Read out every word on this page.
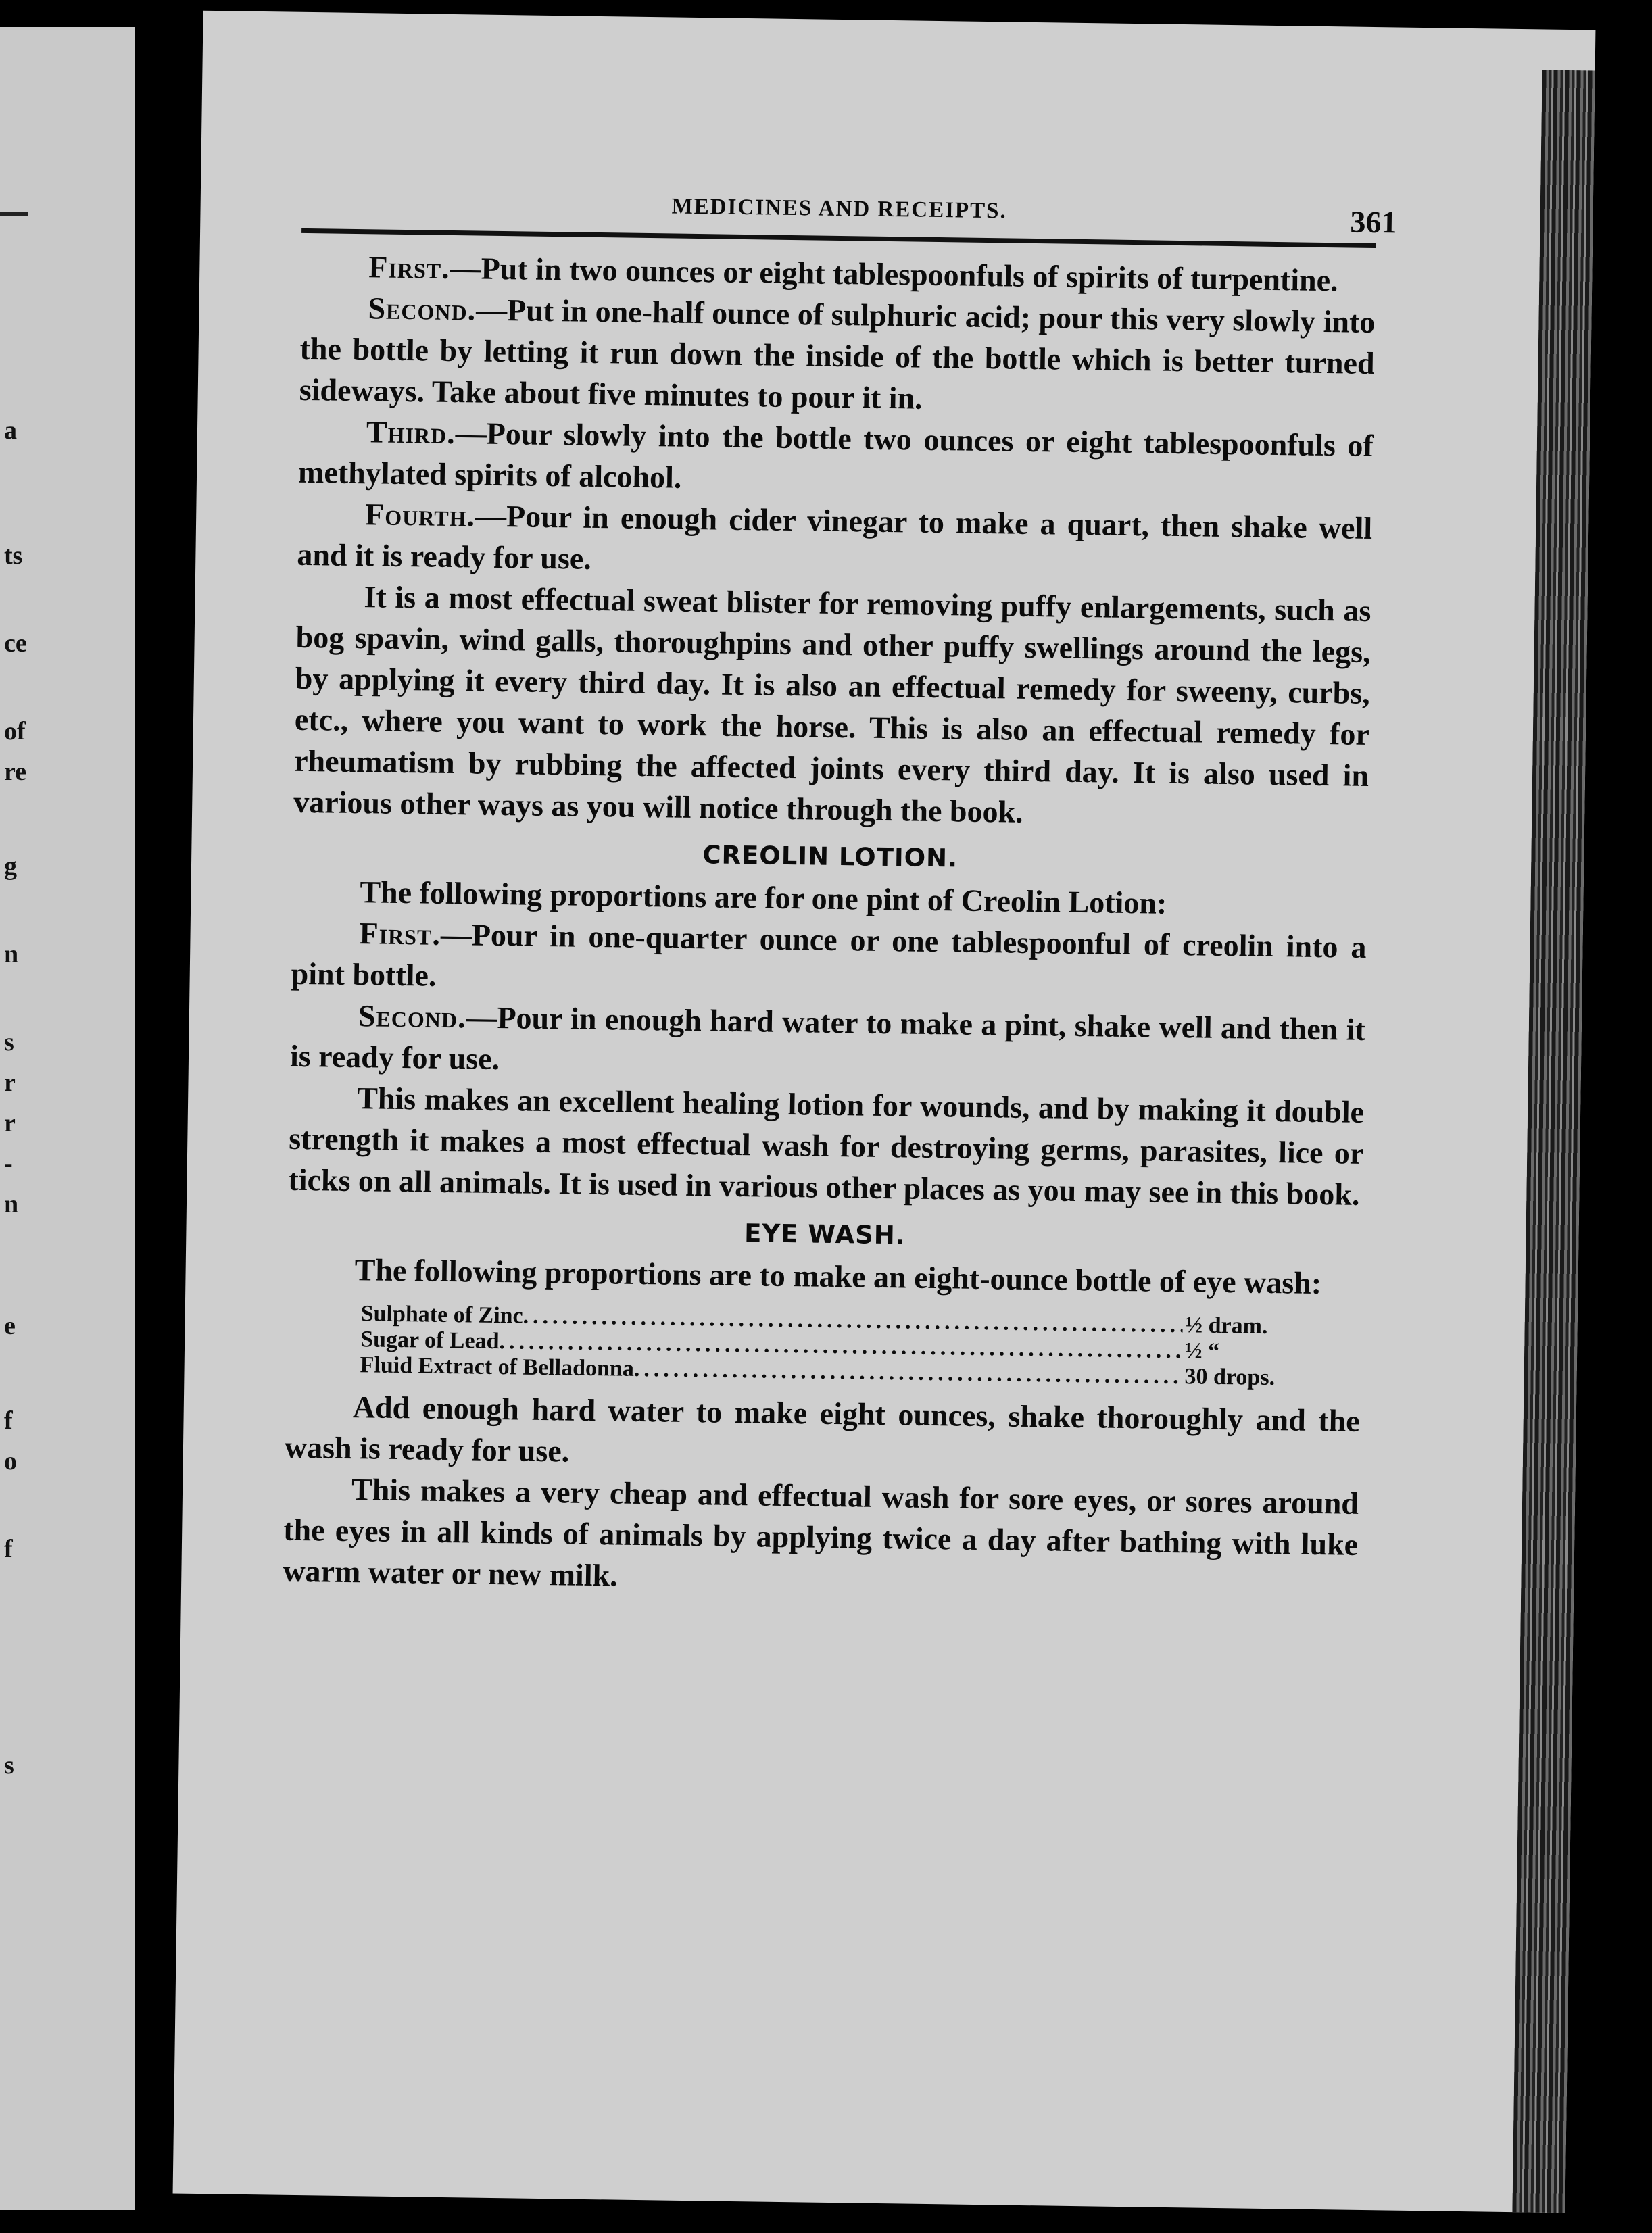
a
ts
ce
of
re
g
n
s
r
r
-
n
e
f
o
f
s
MEDICINES AND RECEIPTS.	361

First.—Put in two ounces or eight tablespoonfuls of spirits of turpentine.

Second.—Put in one-half ounce of sulphuric acid; pour this very slowly into the bottle by letting it run down the inside of the bottle which is better turned sideways. Take about five minutes to pour it in.

Third.—Pour slowly into the bottle two ounces or eight tablespoonfuls of methylated spirits of alcohol.

Fourth.—Pour in enough cider vinegar to make a quart, then shake well and it is ready for use.

It is a most effectual sweat blister for removing puffy enlargements, such as bog spavin, wind galls, thoroughpins and other puffy swellings around the legs, by applying it every third day. It is also an effectual remedy for sweeny, curbs, etc., where you want to work the horse. This is also an effectual remedy for rheumatism by rubbing the affected joints every third day. It is also used in various other ways as you will notice through the book.

CREOLIN LOTION.

The following proportions are for one pint of Creolin Lotion:

First.—Pour in one-quarter ounce or one tablespoonful of creolin into a pint bottle.

Second.—Pour in enough hard water to make a pint, shake well and then it is ready for use.

This makes an excellent healing lotion for wounds, and by making it double strength it makes a most effectual wash for destroying germs, parasites, lice or ticks on all animals. It is used in various other places as you may see in this book.

EYE WASH.

The following proportions are to make an eight-ounce bottle of eye wash:

Sulphate of Zinc .....	½ dram.
Sugar of Lead .....	½ “
Fluid Extract of Belladonna .....	30 drops.

Add enough hard water to make eight ounces, shake thoroughly and the wash is ready for use.

This makes a very cheap and effectual wash for sore eyes, or sores around the eyes in all kinds of animals by applying twice a day after bathing with luke warm water or new milk.
